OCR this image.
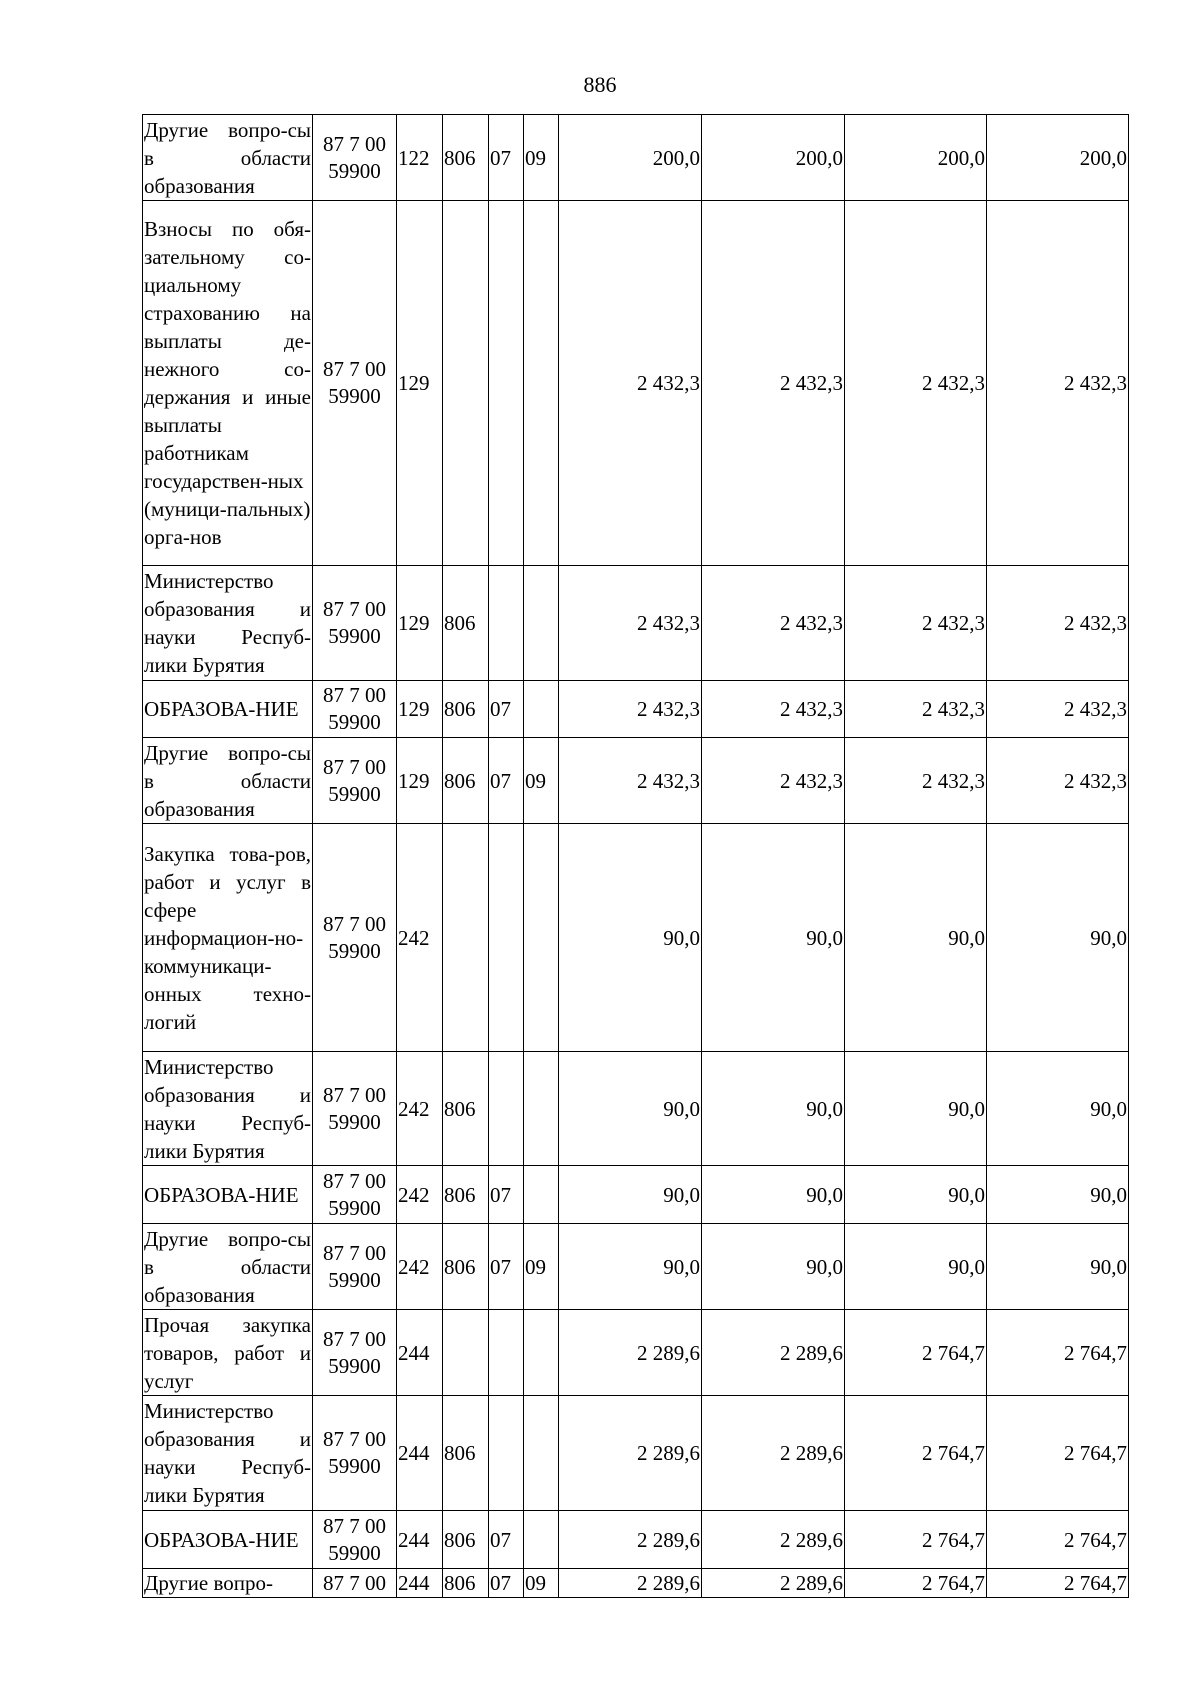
886
Другие вопро-сы в области образования	87 7 00 59900	122	806	07	09	200,0	200,0	200,0	200,0
Взносы по обя-зательному со-циальному страхованию на выплаты де-нежного со-держания и иные выплаты работникам государствен-ных (муници-пальных) орга-нов	87 7 00 59900	129				2 432,3	2 432,3	2 432,3	2 432,3
Министерство образования и науки Респуб-лики Бурятия	87 7 00 59900	129	806			2 432,3	2 432,3	2 432,3	2 432,3
ОБРАЗОВА-НИЕ	87 7 00 59900	129	806	07		2 432,3	2 432,3	2 432,3	2 432,3
Другие вопро-сы в области образования	87 7 00 59900	129	806	07	09	2 432,3	2 432,3	2 432,3	2 432,3
Закупка това-ров, работ и услуг в сфере информацион-но-коммуникаци-онных техно-логий	87 7 00 59900	242				90,0	90,0	90,0	90,0
Министерство образования и науки Респуб-лики Бурятия	87 7 00 59900	242	806			90,0	90,0	90,0	90,0
ОБРАЗОВА-НИЕ	87 7 00 59900	242	806	07		90,0	90,0	90,0	90,0
Другие вопро-сы в области образования	87 7 00 59900	242	806	07	09	90,0	90,0	90,0	90,0
Прочая закупка товаров, работ и услуг	87 7 00 59900	244				2 289,6	2 289,6	2 764,7	2 764,7
Министерство образования и науки Респуб-лики Бурятия	87 7 00 59900	244	806			2 289,6	2 289,6	2 764,7	2 764,7
ОБРАЗОВА-НИЕ	87 7 00 59900	244	806	07		2 289,6	2 289,6	2 764,7	2 764,7
Другие вопро-	87 7 00	244	806	07	09	2 289,6	2 289,6	2 764,7	2 764,7
